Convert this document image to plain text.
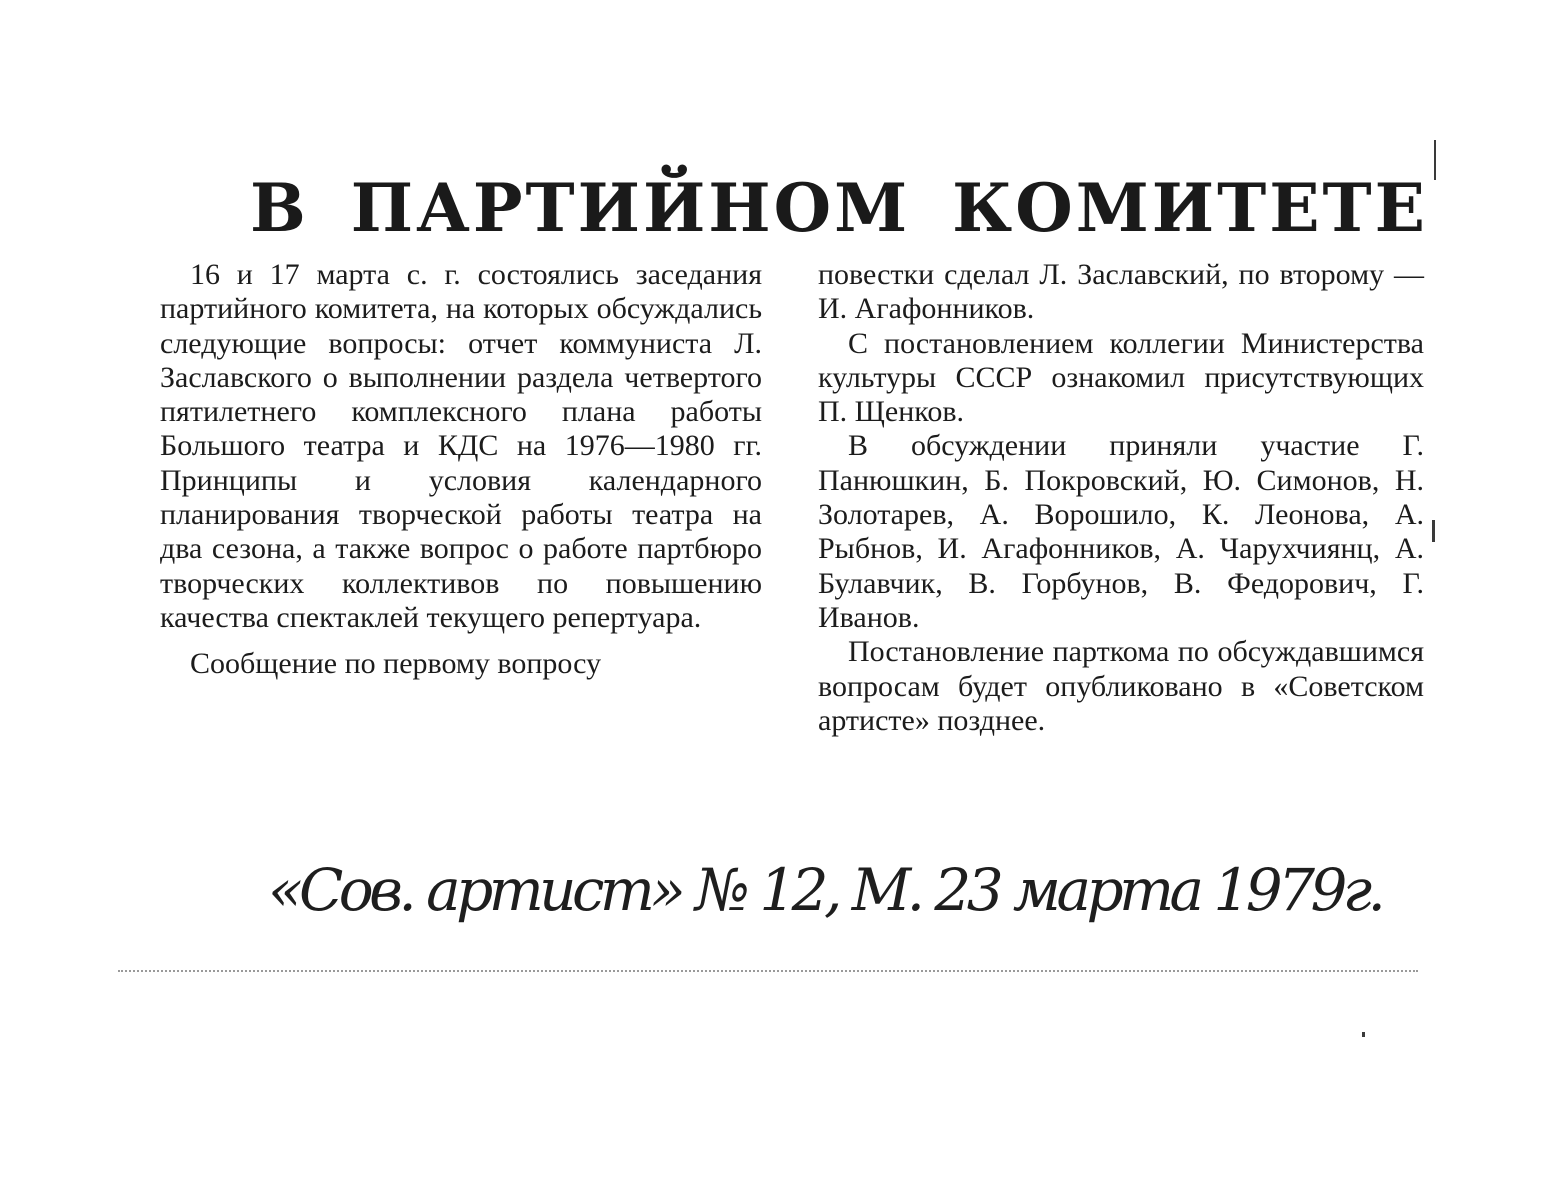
В ПАРТИЙНОМ КОМИТЕТЕ

16 и 17 марта с. г. состоялись заседания партийного комитета, на которых обсуждались следующие вопросы: отчет коммуниста Л. Заславского о выполнении раздела четвертого пятилетнего комплексного плана работы Большого театра и КДС на 1976—1980 гг. Принципы и условия календарного планирования творческой работы театра на два сезона, а также вопрос о работе партбюро творческих коллективов по повышению качества спектаклей текущего репертуара.

Сообщение по первому вопросу

повестки сделал Л. Заславский, по второму — И. Агафонников.

С постановлением коллегии Министерства культуры СССР ознакомил присутствующих П. Щенков.

В обсуждении приняли участие Г. Панюшкин, Б. Покровский, Ю. Симонов, Н. Золотарев, А. Ворошило, К. Леонова, А. Рыбнов, И. Агафонников, А. Чарухчиянц, А. Булавчик, В. Горбунов, В. Федорович, Г. Иванов.

Постановление парткома по обсуждавшимся вопросам будет опубликовано в «Советском артисте» позднее.

«Сов. артист» № 12, М. 23 марта 1979г.
